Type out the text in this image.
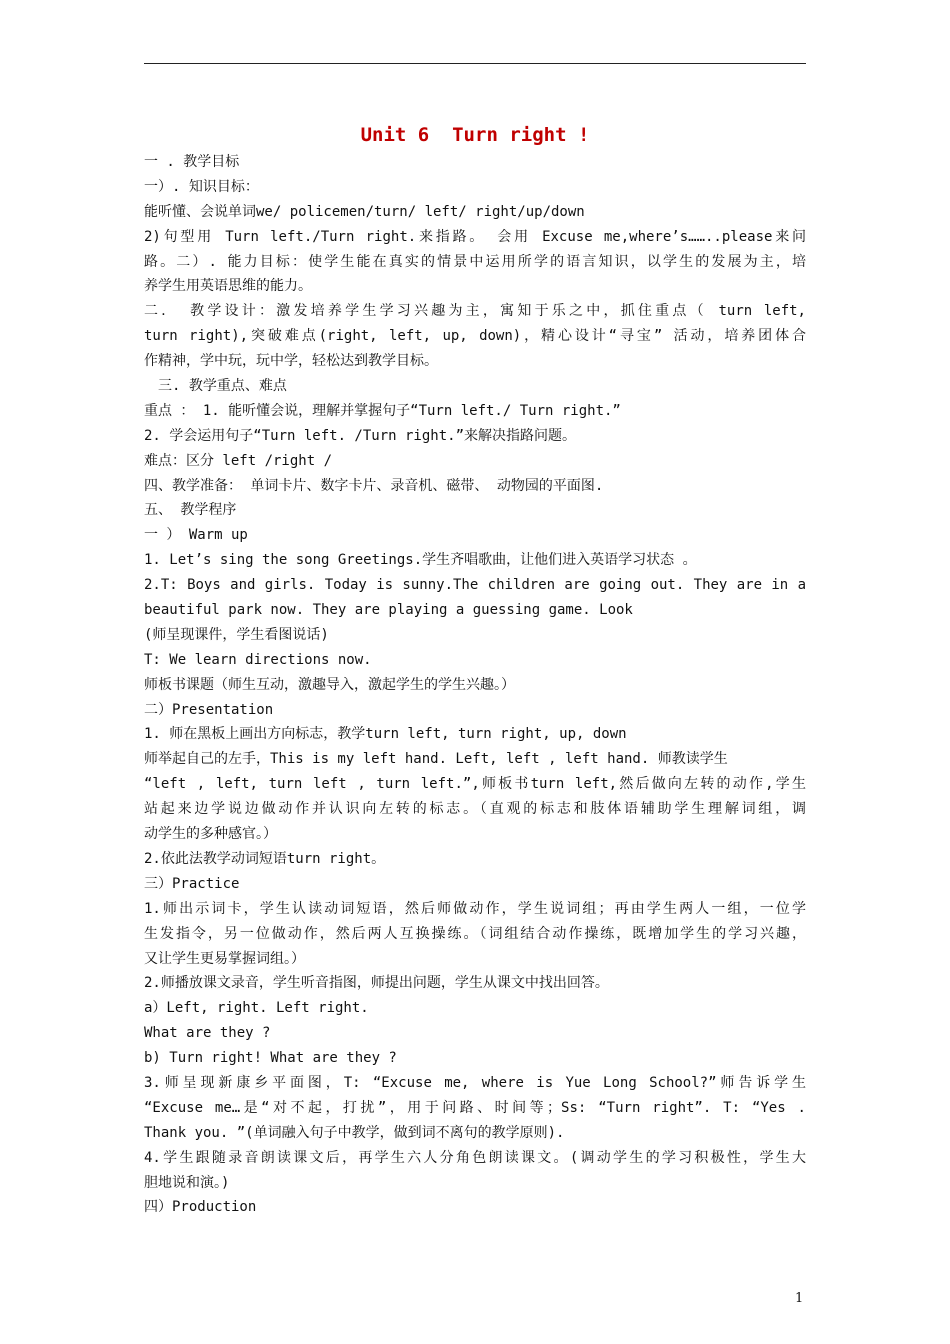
Unit 6  Turn right !
一 . 教学目标
一）. 知识目标：
能听懂、会说单词we/ policemen/turn/ left/ right/up/down
2)句型用 Turn left./Turn right.来指路。 会用 Excuse me,where’s……..please来问
路。二）. 能力目标：使学生能在真实的情景中运用所学的语言知识，以学生的发展为主，培
养学生用英语思维的能力。
二． 教学设计：激发培养学生学习兴趣为主，寓知于乐之中，抓住重点（ turn left,
turn right),突破难点(right, left, up, down)，精心设计“寻宝” 活动，培养团体合
作精神，学中玩，玩中学，轻松达到教学目标。
三. 教学重点、难点
重点 ： 1. 能听懂会说，理解并掌握句子“Turn left./ Turn right.”
2. 学会运用句子“Turn left. /Turn right.”来解决指路问题。
难点：区分 left /right /
四、教学准备： 单词卡片、数字卡片、录音机、磁带、 动物园的平面图.
五、 教学程序
一 ） Warm up
1. Let’s sing the song Greetings.学生齐唱歌曲，让他们进入英语学习状态 。
2.T: Boys and girls. Today is sunny.The children are going out. They are in a
beautiful park now. They are playing a guessing game. Look
(师呈现课件，学生看图说话)
T: We learn directions now.
师板书课题（师生互动，激趣导入，激起学生的学生兴趣。）
二）Presentation
1. 师在黑板上画出方向标志，教学turn left, turn right, up, down
师举起自己的左手，This is my left hand. Left, left , left hand. 师教读学生
“left , left, turn left , turn left.”,师板书turn left,然后做向左转的动作,学生
站起来边学说边做动作并认识向左转的标志。（直观的标志和肢体语辅助学生理解词组，调
动学生的多种感官。）
2.依此法教学动词短语turn right。
三）Practice
1.师出示词卡，学生认读动词短语，然后师做动作，学生说词组；再由学生两人一组，一位学
生发指令，另一位做动作，然后两人互换操练。（词组结合动作操练，既增加学生的学习兴趣，
又让学生更易掌握词组。）
2.师播放课文录音，学生听音指图，师提出问题，学生从课文中找出回答。
a）Left, right. Left right.
What are they ?
b) Turn right! What are they ?
3.师呈现新康乡平面图，T: “Excuse me, where is Yue Long School?”师告诉学生
“Excuse me…是“对不起，打扰”，用于问路、时间等；Ss: “Turn right”. T: “Yes .
Thank you. ”(单词融入句子中教学，做到词不离句的教学原则).
4.学生跟随录音朗读课文后，再学生六人分角色朗读课文。(调动学生的学习积极性，学生大
胆地说和演。)
四）Production
1
